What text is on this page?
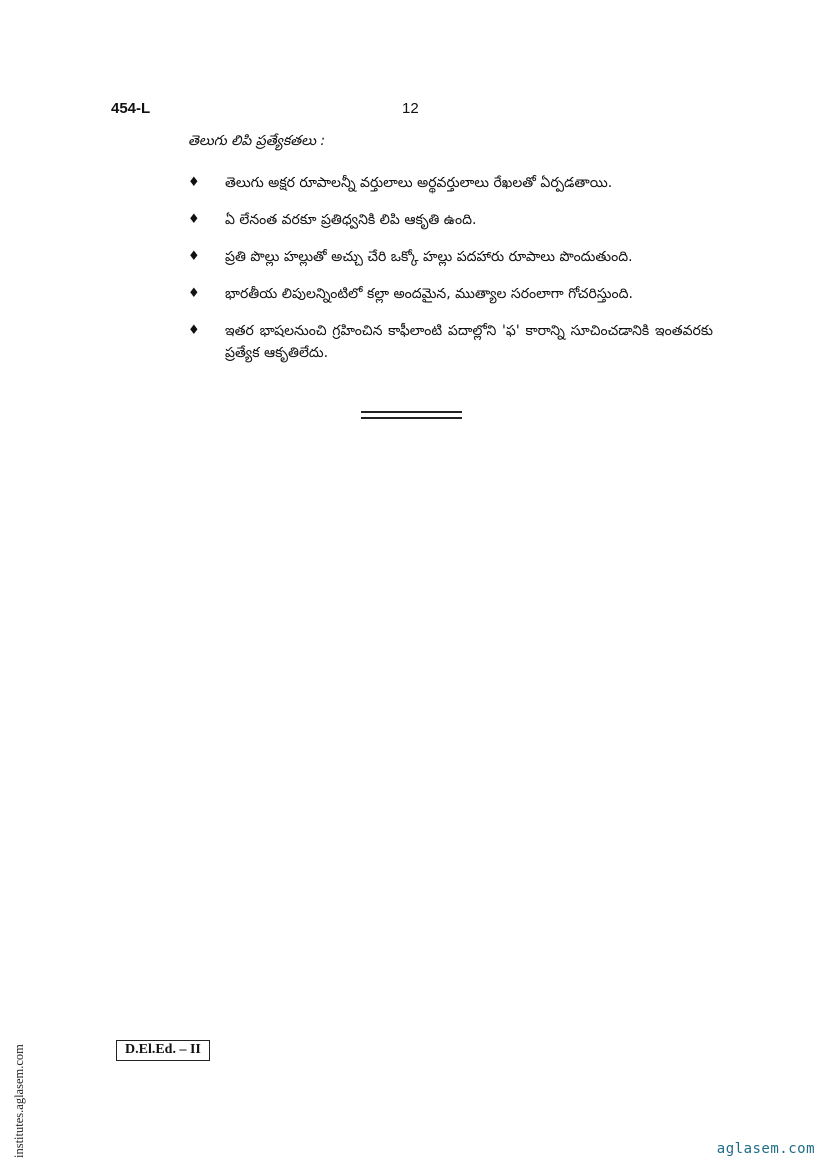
454-L	12
తెలుగు లిపి ప్రత్యేకతలు :
♦ తెలుగు అక్షర రూపాలన్నీ వర్తులాలు అర్థవర్తులాలు రేఖలతో ఏర్పడతాయి.
♦ ఏ లేనంత వరకూ ప్రతిధ్వనికి లిపి ఆకృతి ఉంది.
♦ ప్రతి పొల్లు హల్లుతో అచ్చు చేరి ఒక్కో హల్లు పదహారు రూపాలు పొందుతుంది.
♦ భారతీయ లిపులన్నింటిలో కల్లా అందమైన, ముత్యాల సరంలాగా గోచరిస్తుంది.
♦ ఇతర భాషలనుంచి గ్రహించిన కాఫీలాంటి పదాల్లోని 'ఫ' కారాన్ని సూచించడానికి ఇంతవరకు ప్రత్యేక ఆకృతిలేదు.
D.El.Ed. – II
institutes.aglasem.com	aglasem.com
